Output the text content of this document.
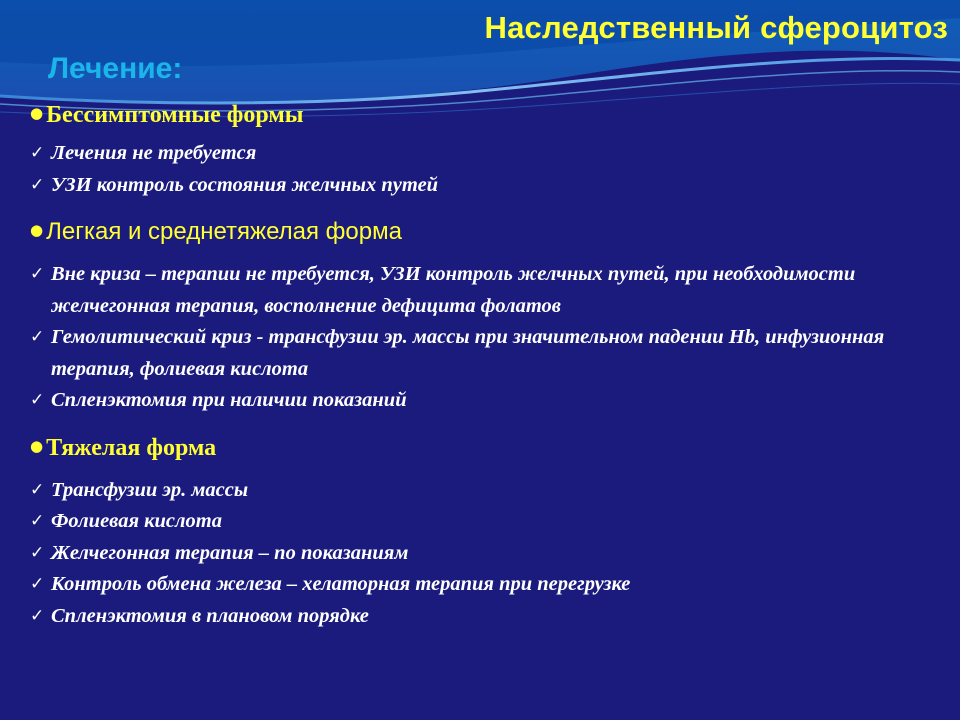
Наследственный сфероцитоз
Лечение:

● Бессимптомные формы

✓ Лечения не требуется
✓ УЗИ контроль состояния желчных путей

● Легкая и среднетяжелая форма

✓ Вне криза – терапии не требуется, УЗИ контроль желчных путей, при необходимости желчегонная терапия, восполнение дефицита фолатов
✓ Гемолитический криз - трансфузии эр. массы при значительном падении Hb, инфузионная терапия, фолиевая кислота
✓ Спленэктомия при наличии показаний

● Тяжелая форма

✓ Трансфузии эр. массы
✓ Фолиевая кислота
✓ Желчегонная терапия – по показаниям
✓ Контроль обмена железа – хелаторная терапия при перегрузке
✓ Спленэктомия в плановом порядке
